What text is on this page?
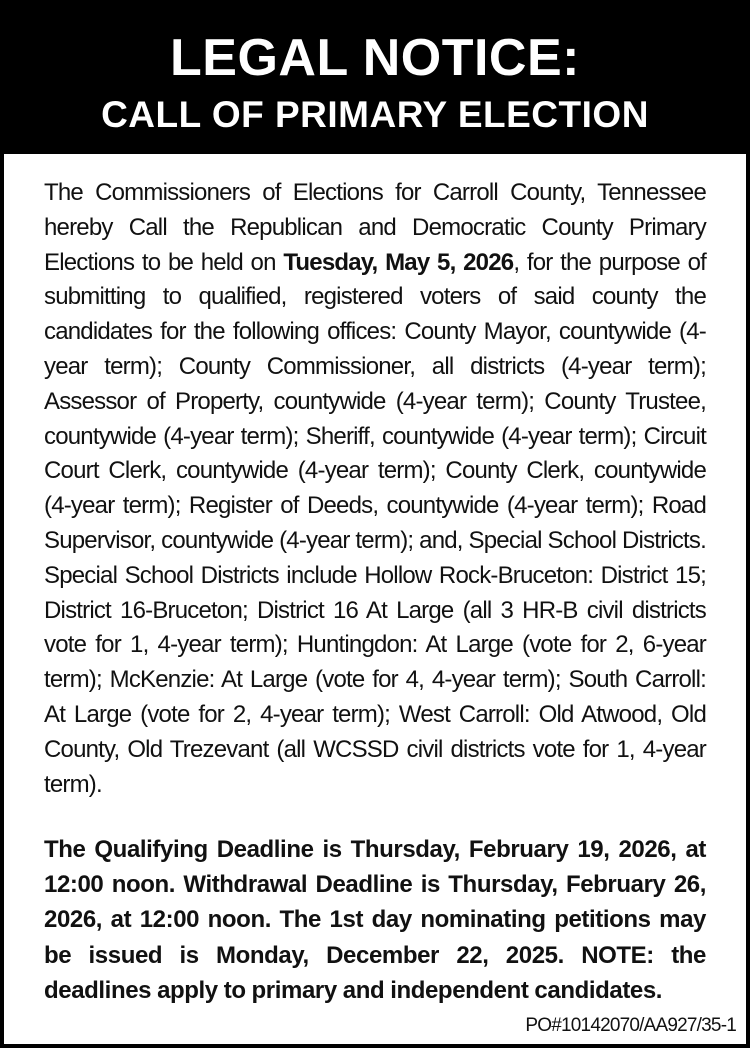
LEGAL NOTICE:
CALL OF PRIMARY ELECTION

The Commissioners of Elections for Carroll County, Tennessee hereby Call the Republican and Democratic County Primary Elections to be held on Tuesday, May 5, 2026, for the purpose of submitting to qualified, registered voters of said county the candidates for the following offices: County Mayor, countywide (4-year term); County Commissioner, all districts (4-year term); Assessor of Property, countywide (4-year term); County Trustee, countywide (4-year term); Sheriff, countywide (4-year term); Circuit Court Clerk, countywide (4-year term); County Clerk, countywide (4-year term); Register of Deeds, countywide (4-year term); Road Supervisor, countywide (4-year term); and, Special School Districts. Special School Districts include Hollow Rock-Bruceton: District 15; District 16-Bruceton; District 16 At Large (all 3 HR-B civil districts vote for 1, 4-year term); Huntingdon: At Large (vote for 2, 6-year term); McKenzie: At Large (vote for 4, 4-year term); South Carroll: At Large (vote for 2, 4-year term); West Carroll: Old Atwood, Old County, Old Trezevant (all WCSSD civil districts vote for 1, 4-year term).

The Qualifying Deadline is Thursday, February 19, 2026, at 12:00 noon. Withdrawal Deadline is Thursday, February 26, 2026, at 12:00 noon. The 1st day nominating petitions may be issued is Monday, December 22, 2025. NOTE: the deadlines apply to primary and independent candidates.

PO#10142070/AA927/35-1
